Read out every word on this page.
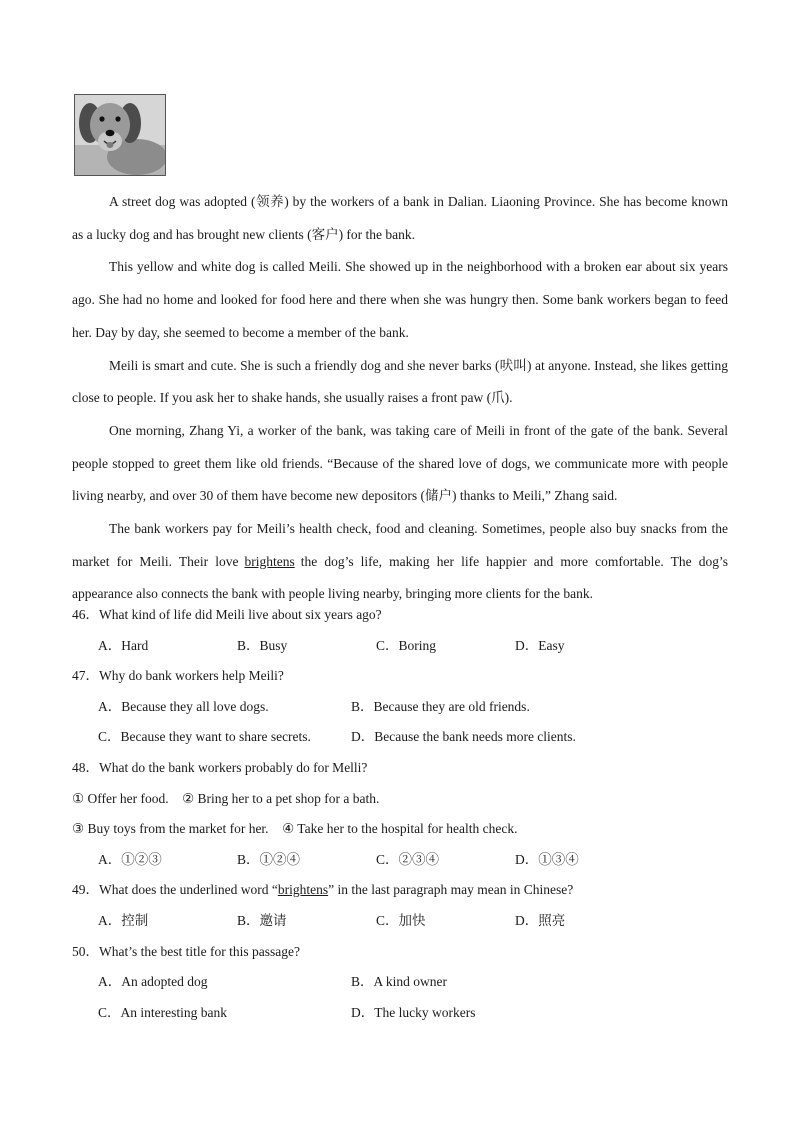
A street dog was adopted (领养) by the workers of a bank in Dalian. Liaoning Province. She has become known as a lucky dog and has brought new clients (客户) for the bank.

This yellow and white dog is called Meili. She showed up in the neighborhood with a broken ear about six years ago. She had no home and looked for food here and there when she was hungry then. Some bank workers began to feed her. Day by day, she seemed to become a member of the bank.

Meili is smart and cute. She is such a friendly dog and she never barks (吠叫) at anyone. Instead, she likes getting close to people. If you ask her to shake hands, she usually raises a front paw (爪).

One morning, Zhang Yi, a worker of the bank, was taking care of Meili in front of the gate of the bank. Several people stopped to greet them like old friends. “Because of the shared love of dogs, we communicate more with people living nearby, and over 30 of them have become new depositors (储户) thanks to Meili,” Zhang said.

The bank workers pay for Meili’s health check, food and cleaning. Sometimes, people also buy snacks from the market for Meili. Their love brightens the dog’s life, making her life happier and more comfortable. The dog’s appearance also connects the bank with people living nearby, bringing more clients for the bank.

46．What kind of life did Meili live about six years ago?
A．Hard	B．Busy	C．Boring	D．Easy
47．Why do bank workers help Meili?
A．Because they all love dogs.	B．Because they are old friends.
C．Because they want to share secrets.	D．Because the bank needs more clients.
48．What do the bank workers probably do for Melli?
① Offer her food. ② Bring her to a pet shop for a bath.
③ Buy toys from the market for her. ④ Take her to the hospital for health check.
A．①②③	B．①②④	C．②③④	D．①③④
49．What does the underlined word “brightens” in the last paragraph may mean in Chinese?
A．控制	B．邀请	C．加快	D．照亮
50．What’s the best title for this passage?
A．An adopted dog	B．A kind owner
C．An interesting bank	D．The lucky workers
